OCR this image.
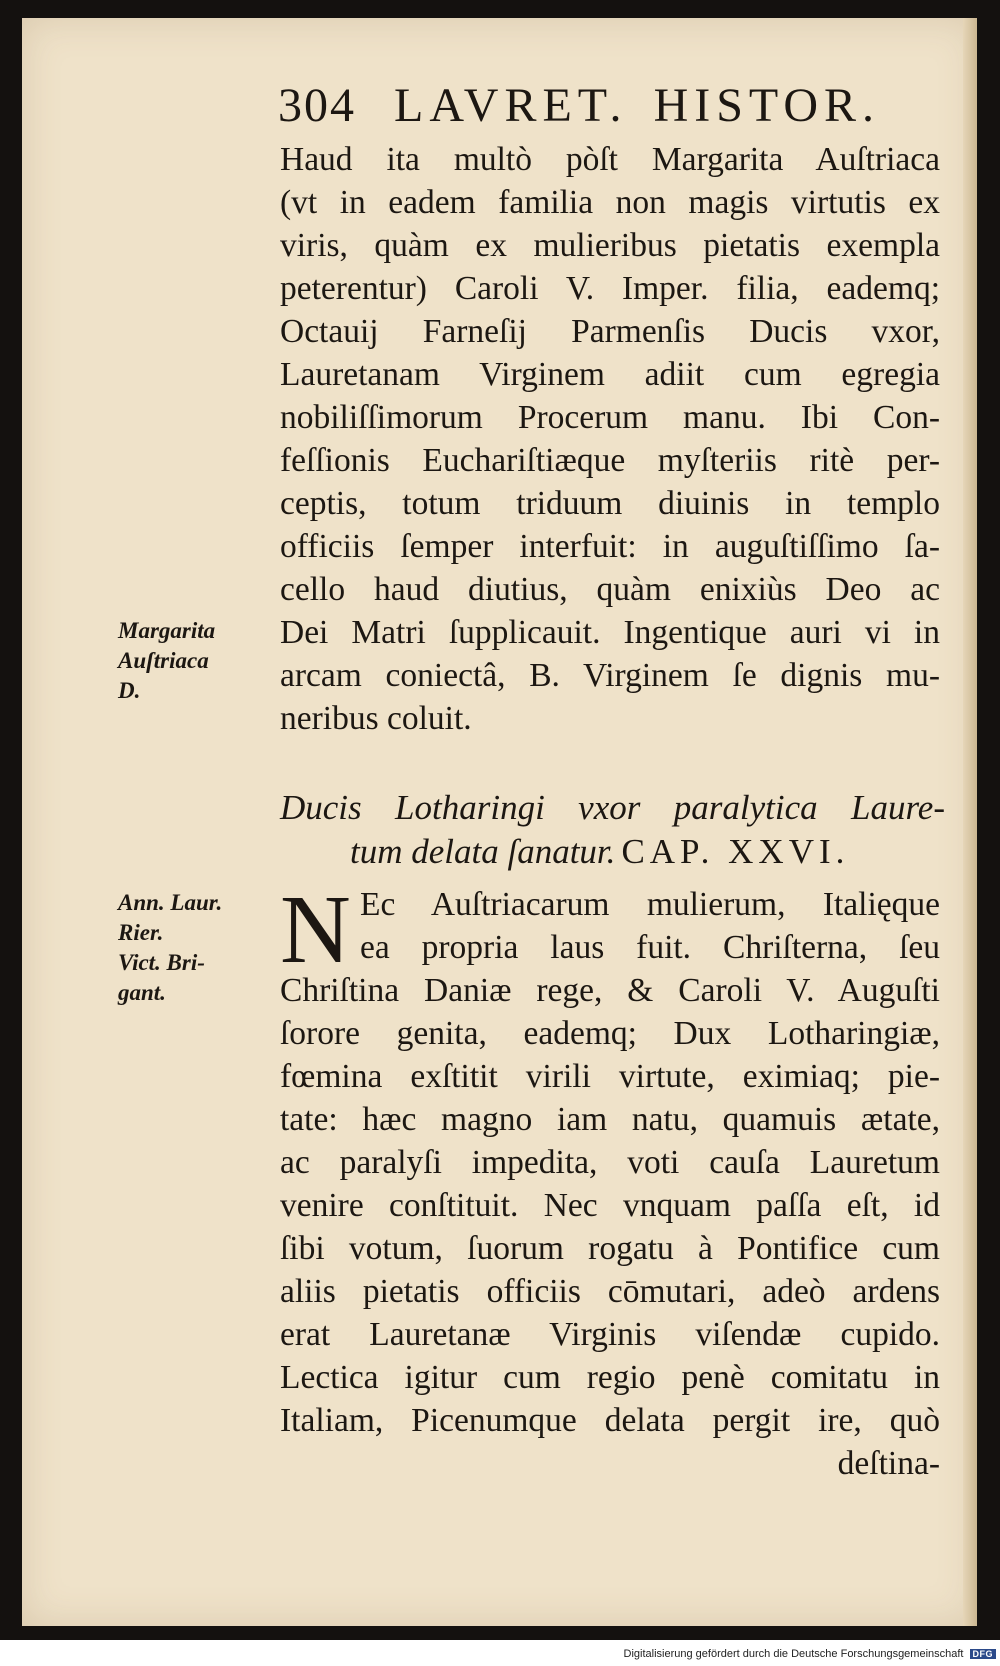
304 LAVRET. HISTOR.
Haud ita multò pòſt Margarita Auſtriaca
(vt in eadem familia non magis virtutis ex
viris, quàm ex mulieribus pietatis exempla
peterentur) Caroli V. Imper. filia, eademq;
Octauij Farneſij Parmenſis Ducis vxor,
Lauretanam Virginem adiit cum egregia
nobiliſſimorum Procerum manu. Ibi Con-
feſſionis Euchariſtiæque myſteriis ritè per-
ceptis, totum triduum diuinis in templo
officiis ſemper interfuit: in auguſtiſſimo ſa-
cello haud diutius, quàm enixiùs Deo ac
Dei Matri ſupplicauit. Ingentique auri vi in
arcam coniectâ, B. Virginem ſe dignis mu-
neribus coluit.
Margarita
Auſtriaca
D.
Ducis Lotharingi vxor paralytica Laure-
tum delata ſanatur. CAP. XXVI.
N Ec Auſtriacarum mulierum, Italięque
ea propria laus fuit. Chriſterna, ſeu
Chriſtina Daniæ rege, & Caroli V. Auguſti
ſorore genita, eademq; Dux Lotharingiæ,
fœmina exſtitit virili virtute, eximiaq; pie-
tate: hæc magno iam natu, quamuis ætate,
ac paralyſi impedita, voti cauſa Lauretum
venire conſtituit. Nec vnquam paſſa eſt, id
ſibi votum, ſuorum rogatu à Pontifice cum
aliis pietatis officiis cōmutari, adeò ardens
erat Lauretanæ Virginis viſendæ cupido.
Lectica igitur cum regio penè comitatu in
Italiam, Picenumque delata pergit ire, quò
deſtina-
Ann. Laur.
Rier.
Vict. Bri-
gant.
Digitalisierung gefördert durch die Deutsche Forschungsgemeinschaft DFG
